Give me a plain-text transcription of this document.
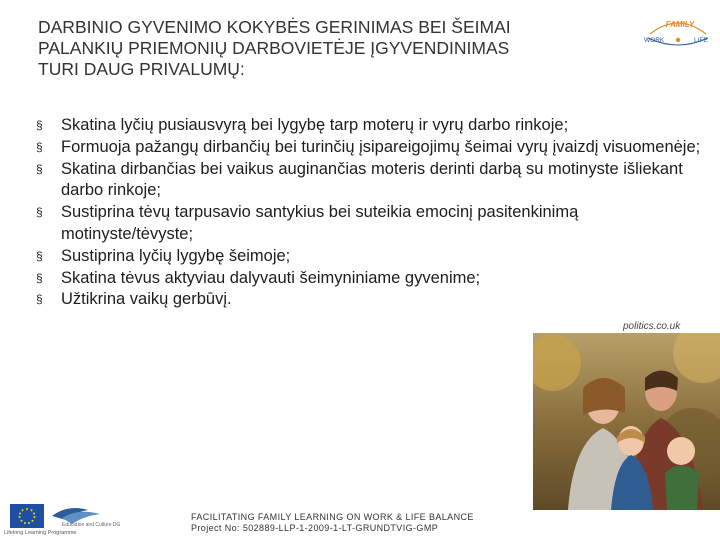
DARBINIO GYVENIMO KOKYBĖS GERINIMAS BEI ŠEIMAI
PALANKIŲ PRIEMONIŲ DARBOVIETĖJE ĮGYVENDINIMAS
TURI DAUG PRIVALUMŲ:
FAMILY
WORK	LIFE
§	Skatina lyčių pusiausvyrą bei lygybę tarp moterų ir vyrų darbo rinkoje;
§	Formuoja pažangų dirbančių bei turinčių įsipareigojimų šeimai vyrų įvaizdį visuomenėje;
§	Skatina dirbančias bei vaikus auginančias moteris derinti darbą su motinyste išliekant darbo rinkoje;
§	Sustiprina tėvų tarpusavio santykius bei suteikia emocinį pasitenkinimą motinyste/tėvyste;
§	Sustiprina lyčių lygybę šeimoje;
§	Skatina tėvus aktyviau dalyvauti šeimyniniame gyvenime;
§	Užtikrina vaikų gerbūvį.
politics.co.uk
FACILITATING FAMILY LEARNING ON WORK & LIFE BALANCE
Project No: 502889-LLP-1-2009-1-LT-GRUNDTVIG-GMP
Education and Culture DG
Lifelong Learning Programme
